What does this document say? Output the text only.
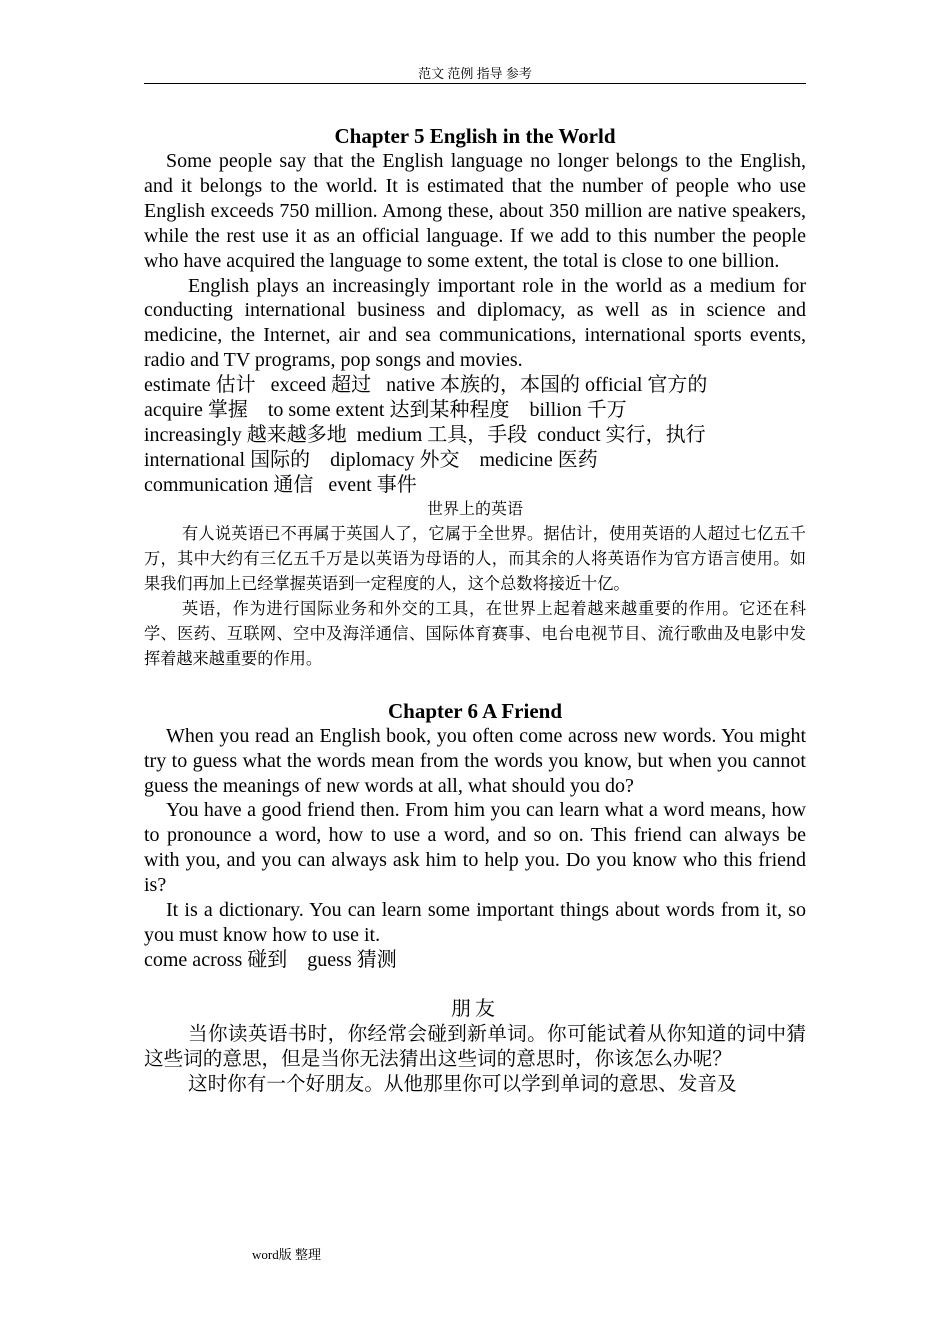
范文 范例 指导 参考

Chapter 5 English in the World

Some people say that the English language no longer belongs to the English, and it belongs to the world. It is estimated that the number of people who use English exceeds 750 million. Among these, about 350 million are native speakers, while the rest use it as an official language. If we add to this number the people who have acquired the language to some extent, the total is close to one billion.

English plays an increasingly important role in the world as a medium for conducting international business and diplomacy, as well as in science and medicine, the Internet, air and sea communications, international sports events, radio and TV programs, pop songs and movies.

estimate 估计   exceed 超过   native 本族的，本国的 official 官方的

acquire 掌握    to some extent 达到某种程度    billion 千万

increasingly 越来越多地  medium 工具，手段  conduct 实行，执行

international 国际的    diplomacy 外交    medicine 医药

communication 通信   event 事件

世界上的英语

有人说英语已不再属于英国人了，它属于全世界。据估计，使用英语的人超过七亿五千万，其中大约有三亿五千万是以英语为母语的人，而其余的人将英语作为官方语言使用。如果我们再加上已经掌握英语到一定程度的人，这个总数将接近十亿。

英语，作为进行国际业务和外交的工具，在世界上起着越来越重要的作用。它还在科学、医药、互联网、空中及海洋通信、国际体育赛事、电台电视节目、流行歌曲及电影中发挥着越来越重要的作用。

Chapter 6 A Friend

When you read an English book, you often come across new words. You might try to guess what the words mean from the words you know, but when you cannot guess the meanings of new words at all, what should you do?

You have a good friend then. From him you can learn what a word means, how to pronounce a word, how to use a word, and so on. This friend can always be with you, and you can always ask him to help you. Do you know who this friend is?

It is a dictionary. You can learn some important things about words from it, so you must know how to use it.

come across 碰到    guess 猜测

朋友

当你读英语书时，你经常会碰到新单词。你可能试着从你知道的词中猜这些词的意思，但是当你无法猜出这些词的意思时，你该怎么办呢？

这时你有一个好朋友。从他那里你可以学到单词的意思、发音及

word版 整理
